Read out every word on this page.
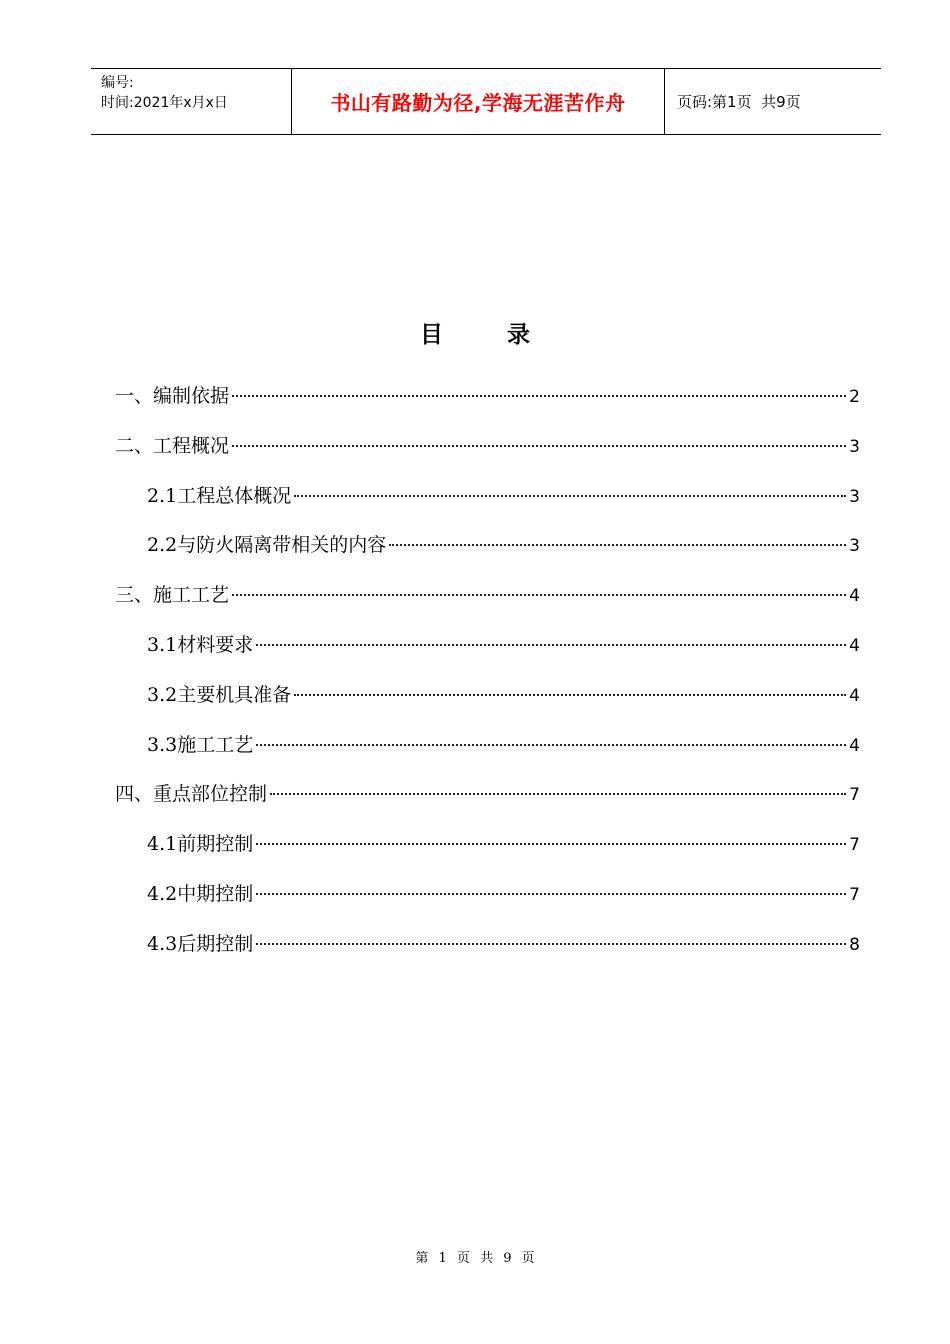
编号:
时间:2021年x月x日	书山有路勤为径,学海无涯苦作舟	页码:第1页  共9页
目 录
一、编制依据	2
二、工程概况	3
2.1工程总体概况	3
2.2与防火隔离带相关的内容	3
三、施工工艺	4
3.1材料要求	4
3.2主要机具准备	4
3.3施工工艺	4
四、重点部位控制	7
4.1前期控制	7
4.2中期控制	7
4.3后期控制	8
第 1 页 共 9 页
